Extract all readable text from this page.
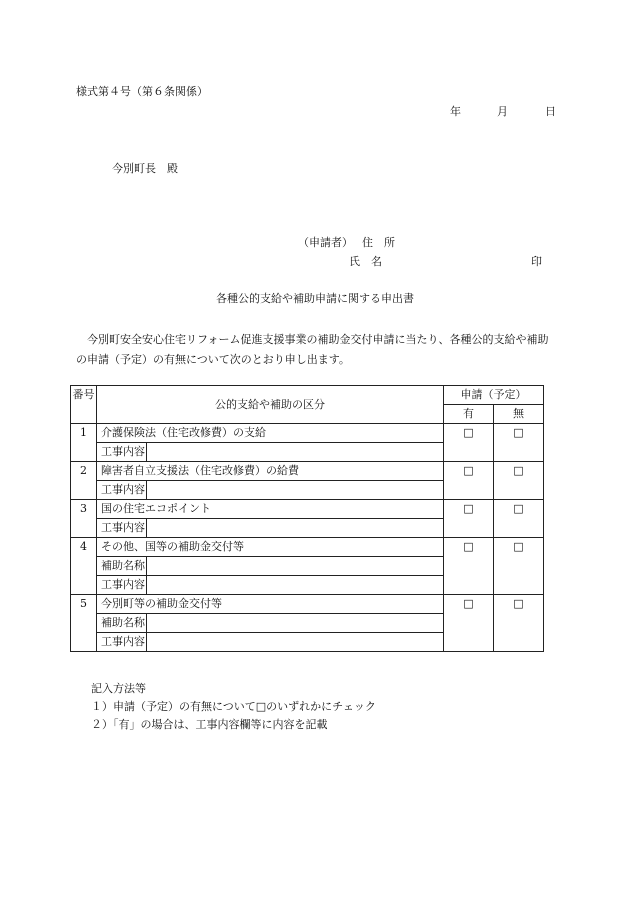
様式第４号（第６条関係）
年	月	日
今別町長　殿
（申請者） 住　所
氏　名	印
各種公的支給や補助申請に関する申出書
今別町安全安心住宅リフォーム促進支援事業の補助金交付申請に当たり、各種公的支給や補助の申請（予定）の有無について次のとおり申し出ます。
番号	公的支給や補助の区分		申請（予定）	
			有	無
1	介護保険法（住宅改修費）の支給		□	□
	工事内容			
2	障害者自立支援法（住宅改修費）の給費		□	□
	工事内容			
3	国の住宅エコポイント		□	□
	工事内容			
4	その他、国等の補助金交付等		□	□
	補助名称			
	工事内容			
5	今別町等の補助金交付等		□	□
	補助名称			
	工事内容			
記入方法等
１）申請（予定）の有無について□のいずれかにチェック
２）「有」の場合は、工事内容欄等に内容を記載
